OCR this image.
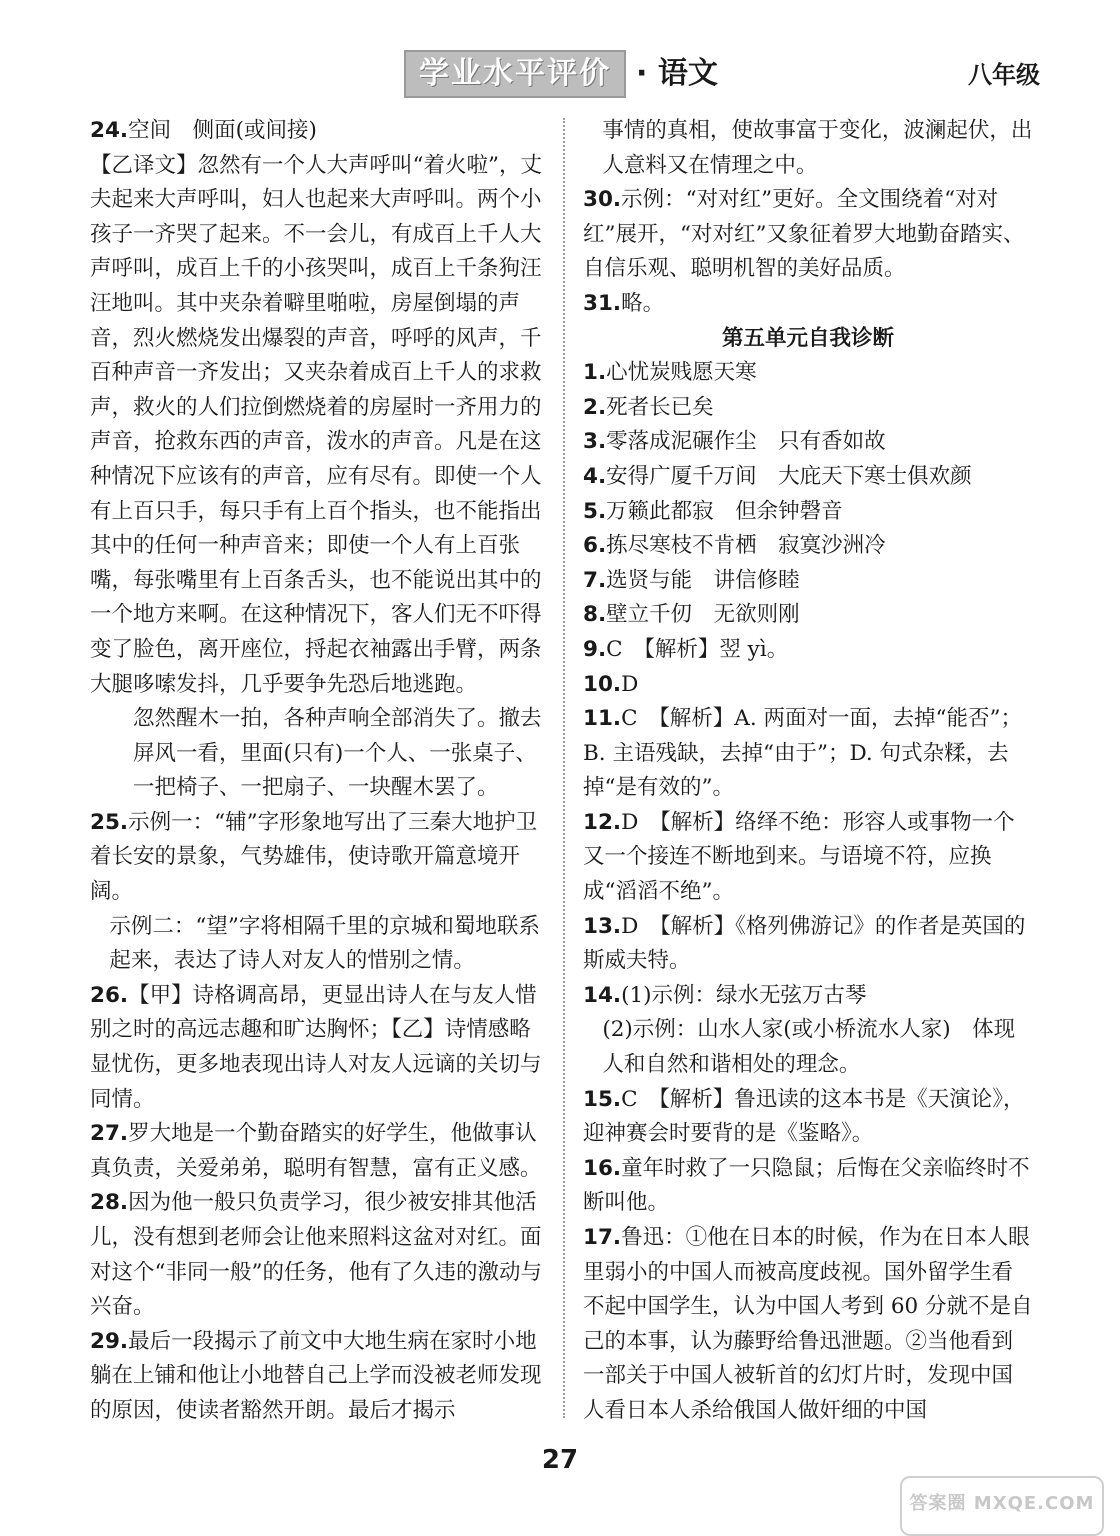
学业水平评价 · 语文	八年级

24.空间　侧面(或间接)

【乙译文】忽然有一个人大声呼叫“着火啦”，丈夫起来大声呼叫，妇人也起来大声呼叫。两个小孩子一齐哭了起来。不一会儿，有成百上千人大声呼叫，成百上千的小孩哭叫，成百上千条狗汪汪地叫。其中夹杂着噼里啪啦，房屋倒塌的声音，烈火燃烧发出爆裂的声音，呼呼的风声，千百种声音一齐发出；又夹杂着成百上千人的求救声，救火的人们拉倒燃烧着的房屋时一齐用力的声音，抢救东西的声音，泼水的声音。凡是在这种情况下应该有的声音，应有尽有。即使一个人有上百只手，每只手有上百个指头，也不能指出其中的任何一种声音来；即使一个人有上百张嘴，每张嘴里有上百条舌头，也不能说出其中的一个地方来啊。在这种情况下，客人们无不吓得变了脸色，离开座位，捋起衣袖露出手臂，两条大腿哆嗦发抖，几乎要争先恐后地逃跑。

忽然醒木一拍，各种声响全部消失了。撤去屏风一看，里面(只有)一个人、一张桌子、一把椅子、一把扇子、一块醒木罢了。

25.示例一：“辅”字形象地写出了三秦大地护卫着长安的景象，气势雄伟，使诗歌开篇意境开阔。

示例二：“望”字将相隔千里的京城和蜀地联系起来，表达了诗人对友人的惜别之情。

26.【甲】诗格调高昂，更显出诗人在与友人惜别之时的高远志趣和旷达胸怀；【乙】诗情感略显忧伤，更多地表现出诗人对友人远谪的关切与同情。

27.罗大地是一个勤奋踏实的好学生，他做事认真负责，关爱弟弟，聪明有智慧，富有正义感。

28.因为他一般只负责学习，很少被安排其他活儿，没有想到老师会让他来照料这盆对对红。面对这个“非同一般”的任务，他有了久违的激动与兴奋。

29.最后一段揭示了前文中大地生病在家时小地躺在上铺和他让小地替自己上学而没被老师发现的原因，使读者豁然开朗。最后才揭示

事情的真相，使故事富于变化，波澜起伏，出人意料又在情理之中。

30.示例：“对对红”更好。全文围绕着“对对红”展开，“对对红”又象征着罗大地勤奋踏实、自信乐观、聪明机智的美好品质。

31.略。

第五单元自我诊断

1.心忧炭贱愿天寒

2.死者长已矣

3.零落成泥碾作尘　只有香如故

4.安得广厦千万间　大庇天下寒士俱欢颜

5.万籁此都寂　但余钟磬音

6.拣尽寒枝不肯栖　寂寞沙洲冷

7.选贤与能　讲信修睦

8.壁立千仞　无欲则刚

9.C　【解析】翌 yì。

10.D

11.C　【解析】A. 两面对一面，去掉“能否”；B. 主语残缺，去掉“由于”；D. 句式杂糅，去掉“是有效的”。

12.D　【解析】络绎不绝：形容人或事物一个又一个接连不断地到来。与语境不符，应换成“滔滔不绝”。

13.D　【解析】《格列佛游记》的作者是英国的斯威夫特。

14.(1)示例：绿水无弦万古琴

(2)示例：山水人家(或小桥流水人家)　体现人和自然和谐相处的理念。

15.C　【解析】鲁迅读的这本书是《天演论》，迎神赛会时要背的是《鉴略》。

16.童年时救了一只隐鼠；后悔在父亲临终时不断叫他。

17.鲁迅：①他在日本的时候，作为在日本人眼里弱小的中国人而被高度歧视。国外留学生看不起中国学生，认为中国人考到 60 分就不是自己的本事，认为藤野给鲁迅泄题。②当他看到一部关于中国人被斩首的幻灯片时，发现中国人看日本人杀给俄国人做奸细的中国

27
答案圈 MXQE.COM
